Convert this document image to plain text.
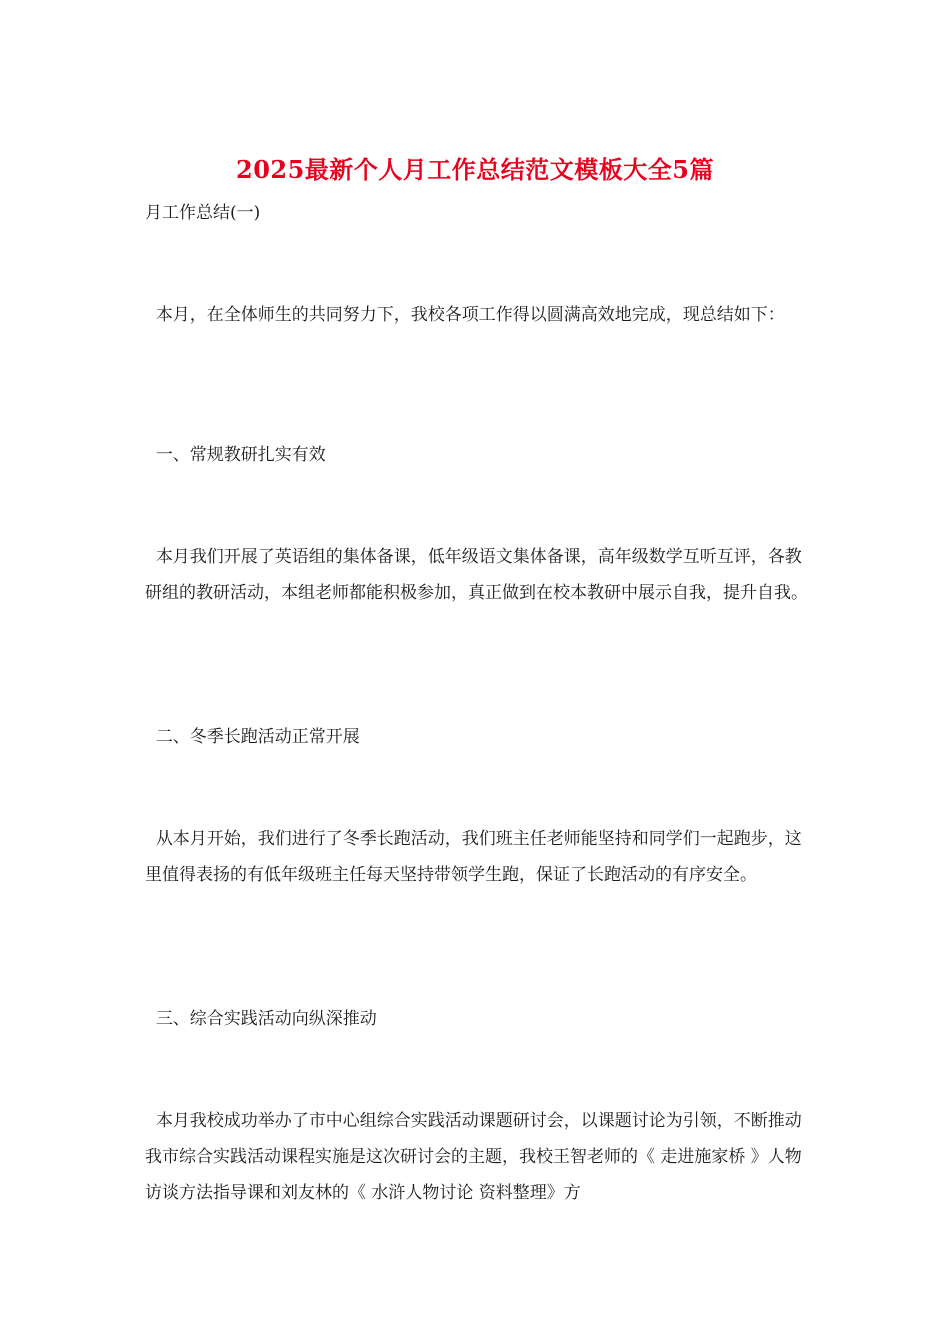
2025最新个人月工作总结范文模板大全5篇
月工作总结(一)

本月，在全体师生的共同努力下，我校各项工作得以圆满高效地完成，现总结如下：

一、常规教研扎实有效

本月我们开展了英语组的集体备课，低年级语文集体备课，高年级数学互听互评，各教研组的教研活动，本组老师都能积极参加，真正做到在校本教研中展示自我，提升自我。

二、冬季长跑活动正常开展

从本月开始，我们进行了冬季长跑活动，我们班主任老师能坚持和同学们一起跑步，这里值得表扬的有低年级班主任每天坚持带领学生跑，保证了长跑活动的有序安全。

三、综合实践活动向纵深推动

本月我校成功举办了市中心组综合实践活动课题研讨会，以课题讨论为引领，不断推动我市综合实践活动课程实施是这次研讨会的主题，我校王智老师的《 走进施家桥 》人物访谈方法指导课和刘友林的《 水浒人物讨论 资料整理》方
